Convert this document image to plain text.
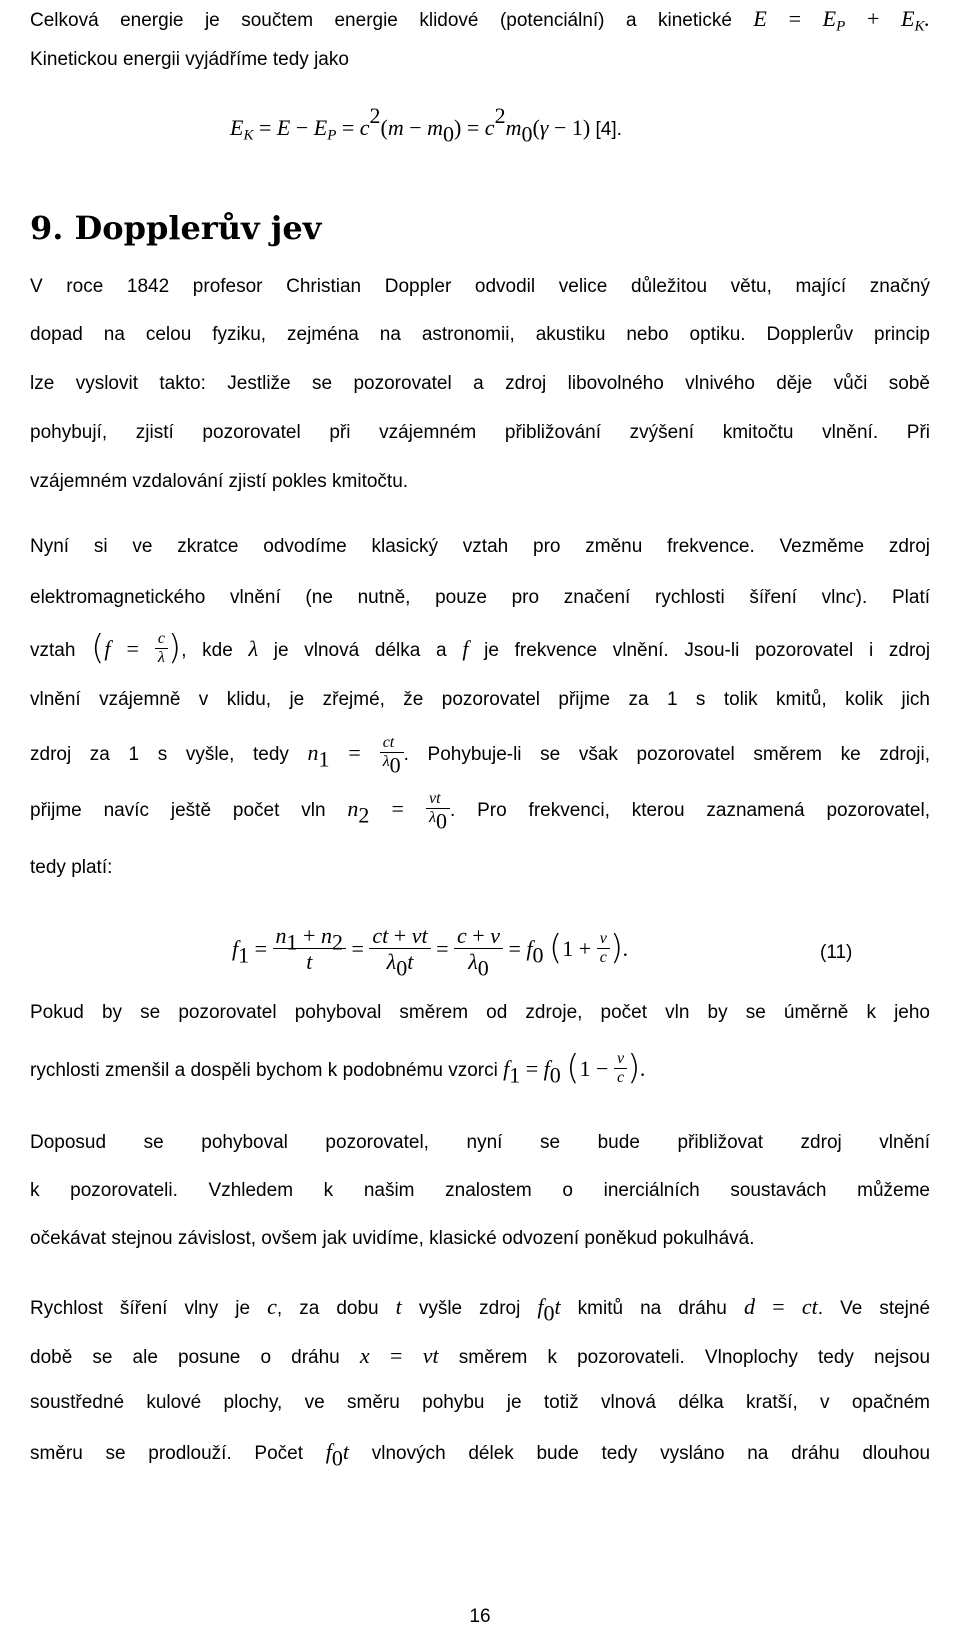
Celková energie je součtem energie klidové (potenciální) a kinetické $E = E_P + E_K$.
Kinetickou energii vyjádříme tedy jako
$E_K = E - E_P = c^2(m - m_0) = c^2m_0(\gamma - 1)$ [4].
9. Dopplerův jev
V roce 1842 profesor Christian Doppler odvodil velice důležitou větu, mající značný
dopad na celou fyziku, zejména na astronomii, akustiku nebo optiku. Dopplerův princip
lze vyslovit takto: Jestliže se pozorovatel a zdroj libovolného vlnivého děje vůči sobě
pohybují, zjistí pozorovatel při vzájemném přibližování zvýšení kmitočtu vlnění. Při
vzájemném vzdalování zjistí pokles kmitočtu.
Nyní si ve zkratce odvodíme klasický vztah pro změnu frekvence. Vezměme zdroj
elektromagnetického vlnění (ne nutně, pouze pro značení rychlosti šíření vlnc). Platí
vztah ($f = \frac{c}{\lambda}$ ), kde λ je vlnová délka a f je frekvence vlnění. Jsou-li pozorovatel i zdroj
vlnění vzájemně v klidu, je zřejmé, že pozorovatel přijme za 1 s tolik kmitů, kolik jich
zdroj za 1 s vyšle, tedy $n_1 = \frac{ct}{\lambda_0}$ . Pohybuje-li se však pozorovatel směrem ke zdroji,
přijme navíc ještě počet vln $n_2 = \frac{vt}{\lambda_0}$ . Pro frekvenci, kterou zaznamená pozorovatel,
tedy platí:
$f_1 = \frac{n_1 + n_2}{t} = \frac{ct + vt}{\lambda_0t} = \frac{c + v}{\lambda_0} = f_0$ ($1 + \frac{v}{c}$ ).	(11)
Pokud by se pozorovatel pohyboval směrem od zdroje, počet vln by se úměrně k jeho
rychlosti zmenšil a dospěli bychom k podobnému vzorci $f_1 = f_0$ ($1 - \frac{v}{c}$ ).
Doposud se pohyboval pozorovatel, nyní se bude přibližovat zdroj vlnění
k pozorovateli. Vzhledem k našim znalostem o inerciálních soustavách můžeme
očekávat stejnou závislost, ovšem jak uvidíme, klasické odvození poněkud pokulhává.
Rychlost šíření vlny je c, za dobu t vyšle zdroj $f_0t$ kmitů na dráhu d = ct. Ve stejné
době se ale posune o dráhu x = vt směrem k pozorovateli. Vlnoplochy tedy nejsou
soustředné kulové plochy, ve směru pohybu je totiž vlnová délka kratší, v opačném
směru se prodlouží. Počet $f_0t$ vlnových délek bude tedy vysláno na dráhu dlouhou
16
